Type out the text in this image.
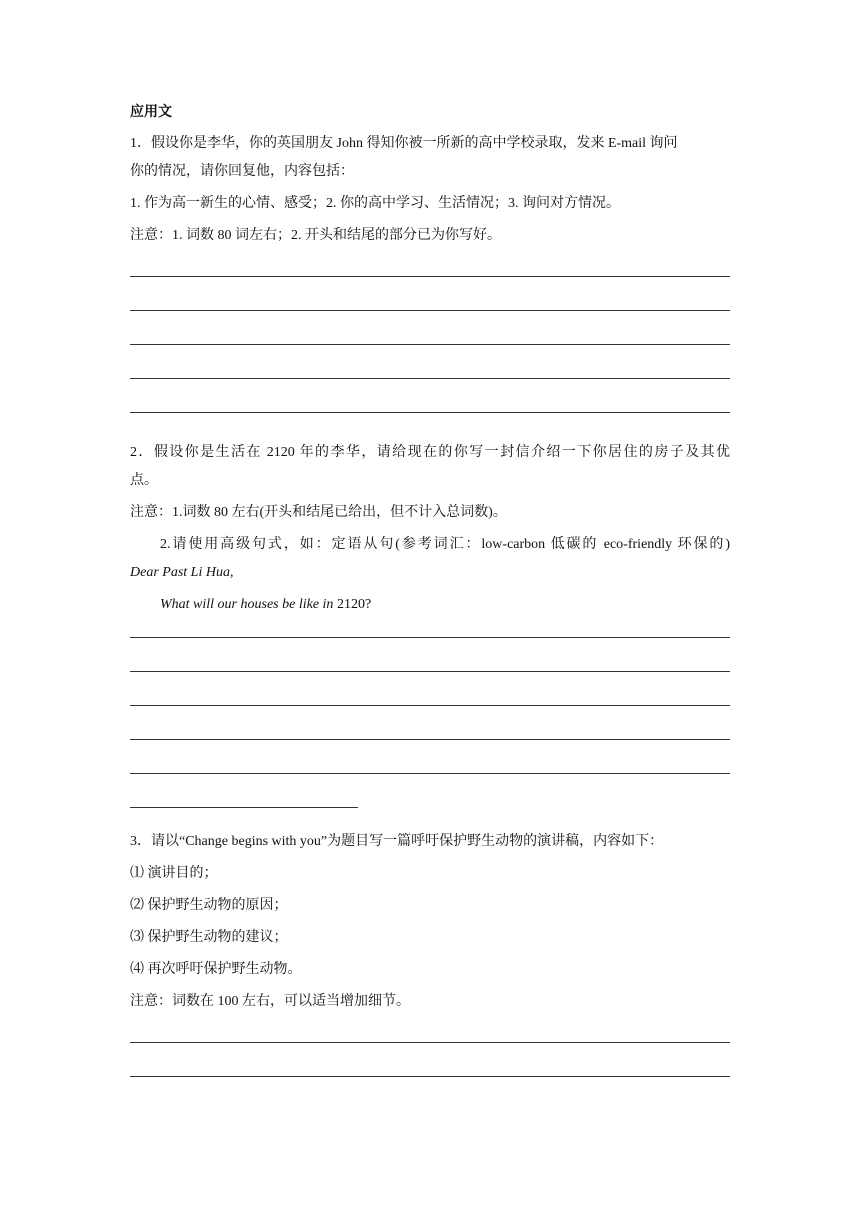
应用文
1．假设你是李华，你的英国朋友 John 得知你被一所新的高中学校录取，发来 E-mail 询问
你的情况，请你回复他，内容包括：
1. 作为高一新生的心情、感受；2. 你的高中学习、生活情况；3. 询问对方情况。
注意：1. 词数 80 词左右；2. 开头和结尾的部分已为你写好。
2．假设你是生活在 2120 年的李华，请给现在的你写一封信介绍一下你居住的房子及其优
点。
注意：1.词数 80 左右(开头和结尾已给出，但不计入总词数)。
2.请使用高级句式，如：定语从句(参考词汇：low-carbon 低碳的 eco-friendly 环保的)
Dear Past Li Hua,
What will our houses be like in 2120?
3．请以“Change begins with you”为题目写一篇呼吁保护野生动物的演讲稿，内容如下：
⑴ 演讲目的；
⑵ 保护野生动物的原因；
⑶ 保护野生动物的建议；
⑷ 再次呼吁保护野生动物。
注意：词数在 100 左右，可以适当增加细节。
